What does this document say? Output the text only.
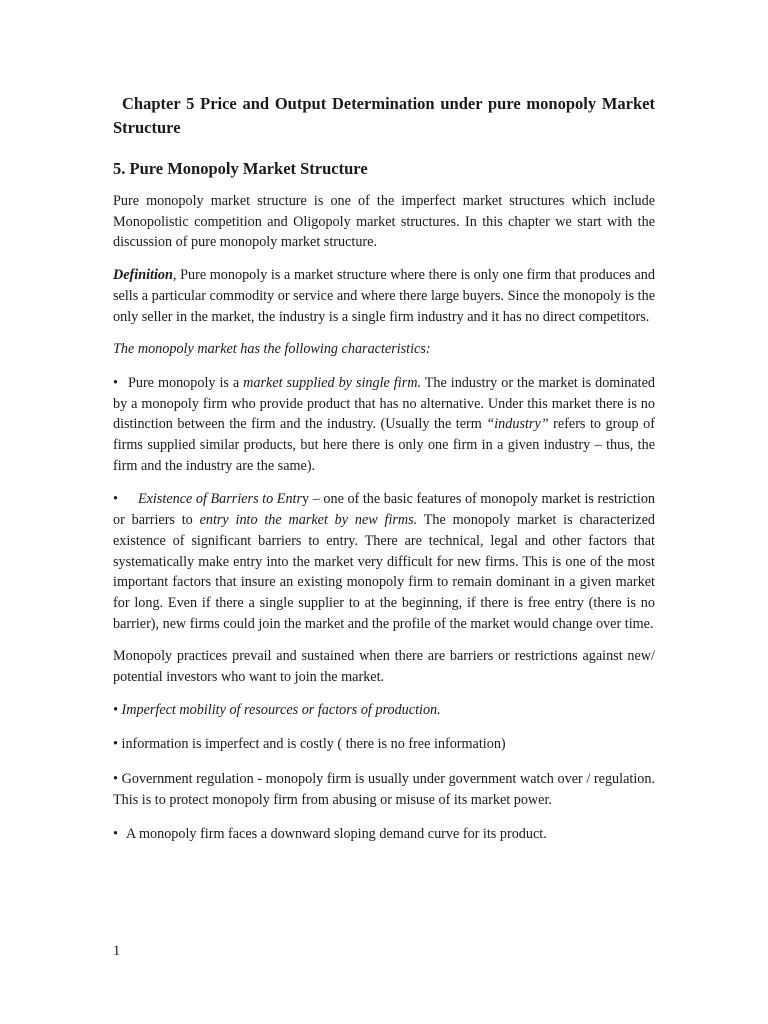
Chapter 5 Price and Output Determination under pure monopoly Market Structure
5. Pure Monopoly Market Structure

Pure monopoly market structure is one of the imperfect market structures which include Monopolistic competition and Oligopoly market structures. In this chapter we start with the discussion of pure monopoly market structure.

Definition, Pure monopoly is a market structure where there is only one firm that produces and sells a particular commodity or service and where there large buyers. Since the monopoly is the only seller in the market, the industry is a single firm industry and it has no direct competitors.

The monopoly market has the following characteristics:

• Pure monopoly is a market supplied by single firm. The industry or the market is dominated by a monopoly firm who provide product that has no alternative. Under this market there is no distinction between the firm and the industry. (Usually the term “industry” refers to group of firms supplied similar products, but here there is only one firm in a given industry – thus, the firm and the industry are the same).

• Existence of Barriers to Entry – one of the basic features of monopoly market is restriction or barriers to entry into the market by new firms. The monopoly market is characterized existence of significant barriers to entry. There are technical, legal and other factors that systematically make entry into the market very difficult for new firms. This is one of the most important factors that insure an existing monopoly firm to remain dominant in a given market for long. Even if there a single supplier to at the beginning, if there is free entry (there is no barrier), new firms could join the market and the profile of the market would change over time.

Monopoly practices prevail and sustained when there are barriers or restrictions against new/ potential investors who want to join the market.

• Imperfect mobility of resources or factors of production.

• information is imperfect and is costly ( there is no free information)

• Government regulation - monopoly firm is usually under government watch over / regulation. This is to protect monopoly firm from abusing or misuse of its market power.

• A monopoly firm faces a downward sloping demand curve for its product.

1
